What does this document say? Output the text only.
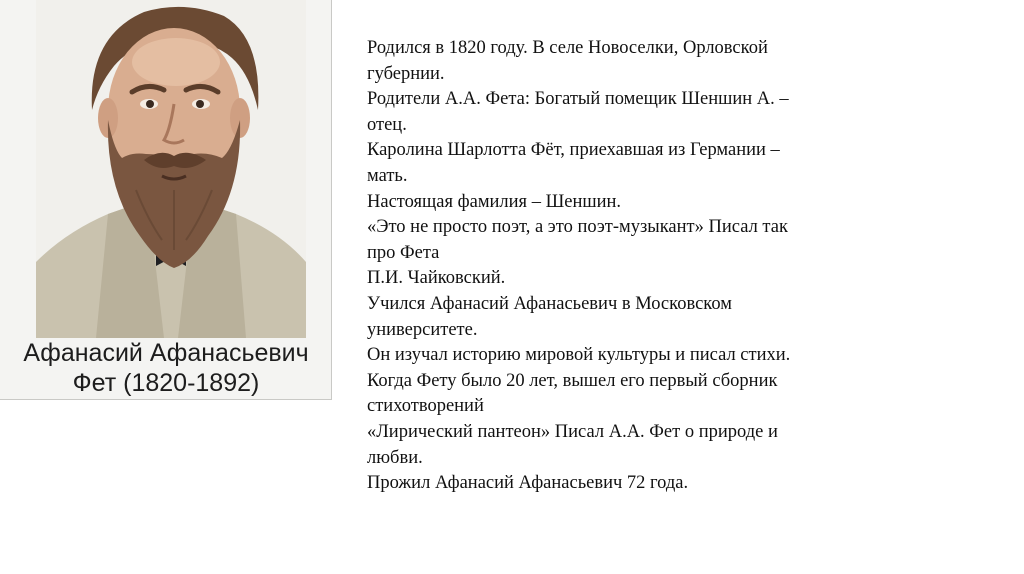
Афанасий Афанасьевич
Фет (1820-1892)
Родился в 1820 году. В селе Новоселки, Орловской
губернии.
Родители А.А. Фета: Богатый помещик Шеншин А. –
отец.
Каролина Шарлотта Фёт, приехавшая из Германии –
мать.
Настоящая фамилия – Шеншин.
«Это не просто поэт, а это поэт-музыкант» Писал так
про Фета
П.И. Чайковский.
Учился Афанасий Афанасьевич в Московском
университете.
Он изучал историю мировой культуры и писал стихи.
Когда Фету было 20 лет, вышел его первый сборник
стихотворений
«Лирический пантеон» Писал А.А. Фет о природе и
любви.
Прожил Афанасий Афанасьевич 72 года.
